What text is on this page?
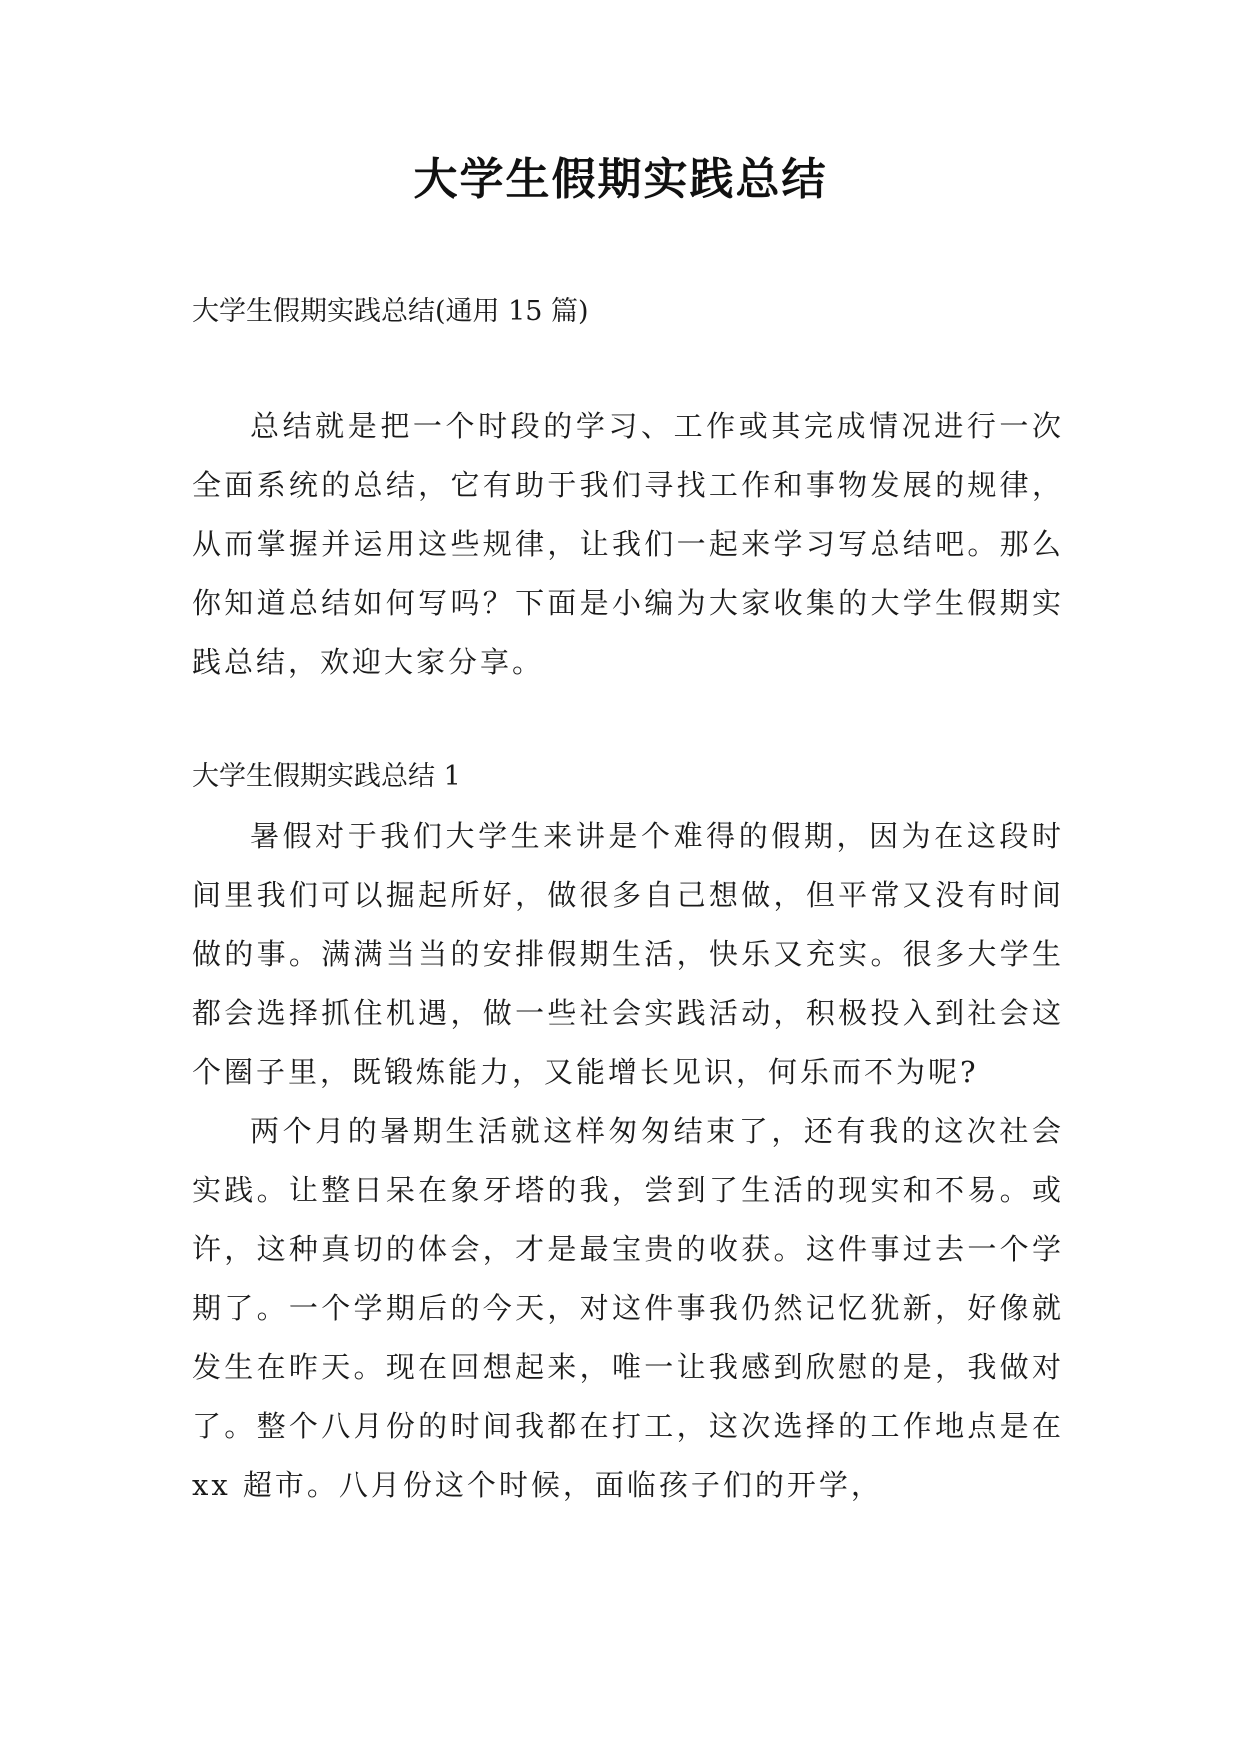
大学生假期实践总结

大学生假期实践总结(通用 15 篇)

总结就是把一个时段的学习、工作或其完成情况进行一次全面系统的总结，它有助于我们寻找工作和事物发展的规律，从而掌握并运用这些规律，让我们一起来学习写总结吧。那么你知道总结如何写吗？下面是小编为大家收集的大学生假期实践总结，欢迎大家分享。

大学生假期实践总结 1

暑假对于我们大学生来讲是个难得的假期，因为在这段时间里我们可以掘起所好，做很多自己想做，但平常又没有时间做的事。满满当当的安排假期生活，快乐又充实。很多大学生都会选择抓住机遇，做一些社会实践活动，积极投入到社会这个圈子里，既锻炼能力，又能增长见识，何乐而不为呢?

两个月的暑期生活就这样匆匆结束了，还有我的这次社会实践。让整日呆在象牙塔的我，尝到了生活的现实和不易。或许，这种真切的体会，才是最宝贵的收获。这件事过去一个学期了。一个学期后的今天，对这件事我仍然记忆犹新，好像就发生在昨天。现在回想起来，唯一让我感到欣慰的是，我做对了。整个八月份的时间我都在打工，这次选择的工作地点是在 xx 超市。八月份这个时候，面临孩子们的开学，
